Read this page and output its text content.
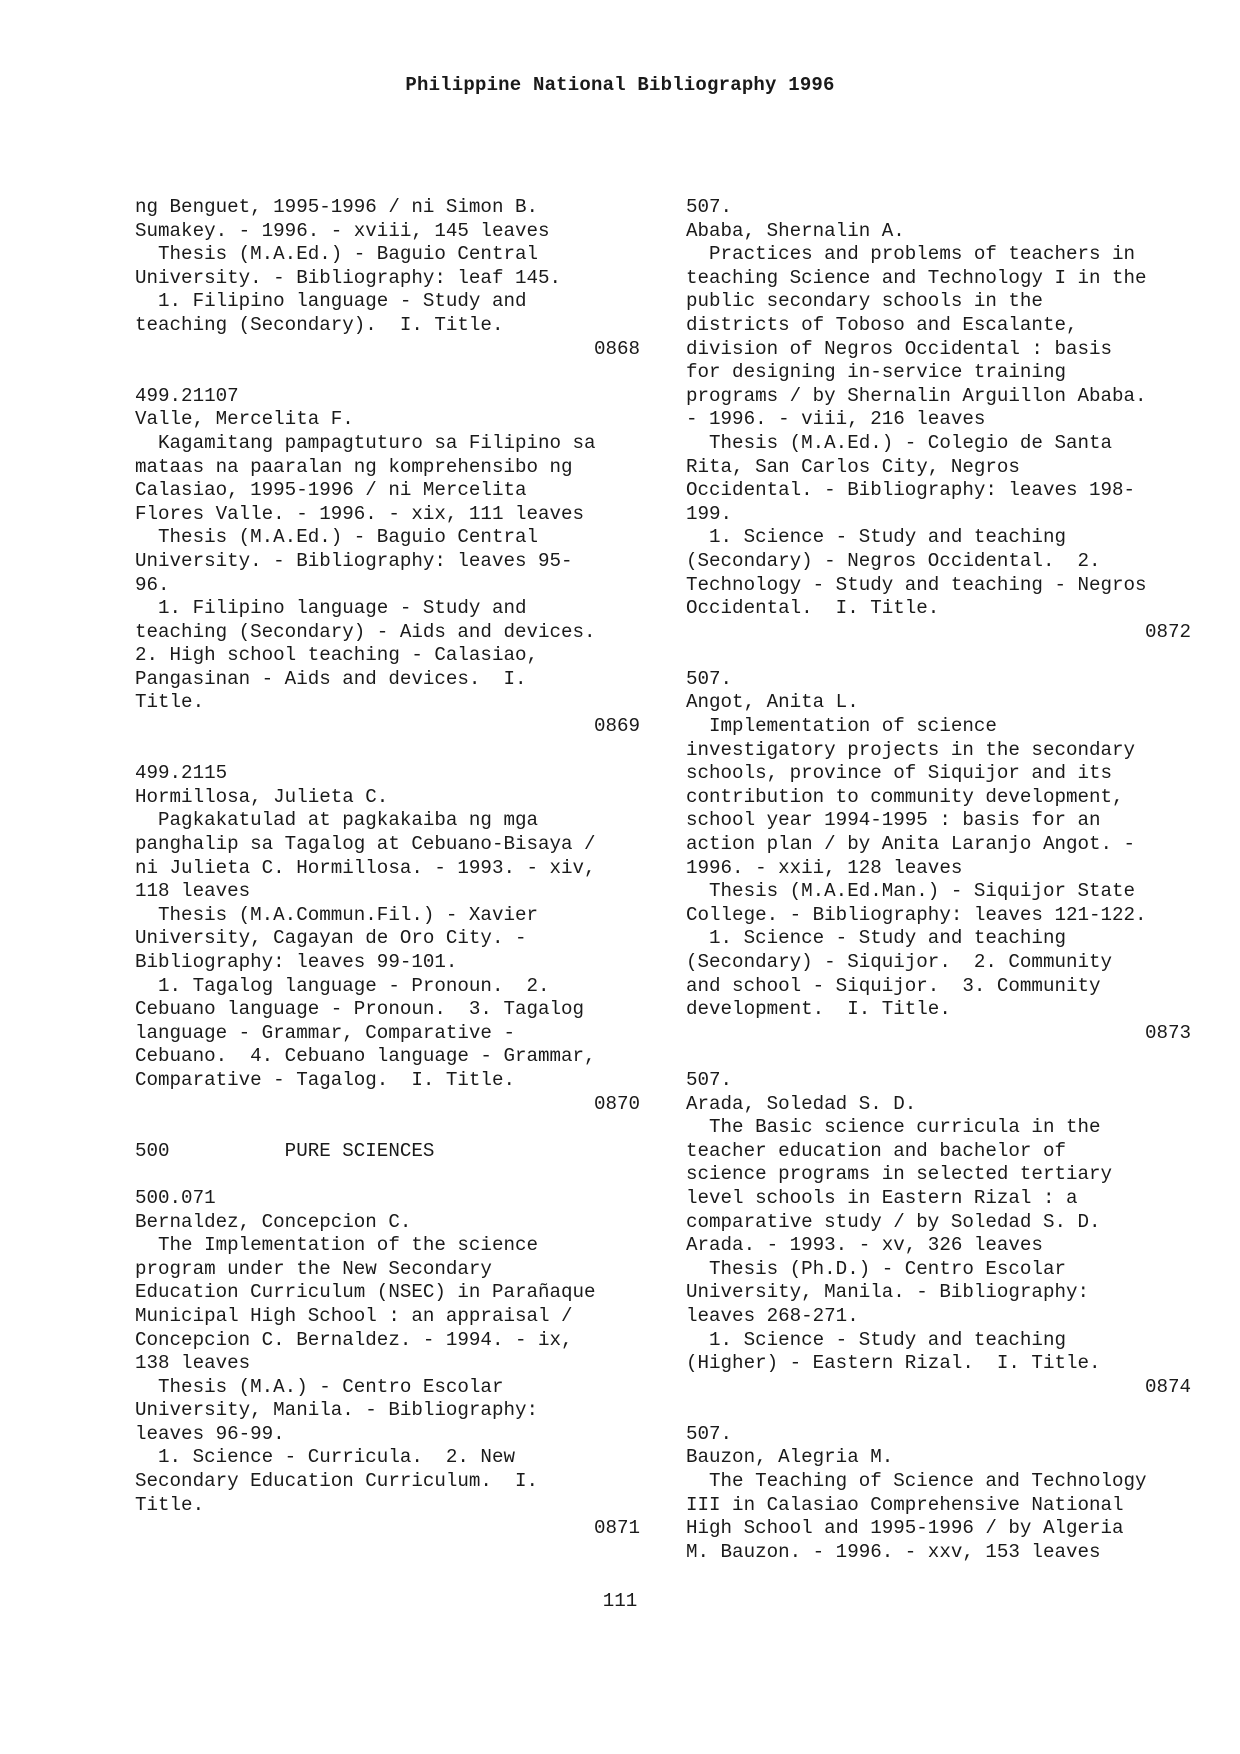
Philippine National Bibliography 1996
ng Benguet, 1995-1996 / ni Simon B.
Sumakey. - 1996. - xviii, 145 leaves
Thesis (M.A.Ed.) - Baguio Central
University. - Bibliography: leaf 145.
1. Filipino language - Study and
teaching (Secondary).  I. Title.
0868
499.21107
Valle, Mercelita F.
Kagamitang pampagtuturo sa Filipino sa
mataas na paaralan ng komprehensibo ng
Calasiao, 1995-1996 / ni Mercelita
Flores Valle. - 1996. - xix, 111 leaves
Thesis (M.A.Ed.) - Baguio Central
University. - Bibliography: leaves 95-
96.
1. Filipino language - Study and
teaching (Secondary) - Aids and devices.
2. High school teaching - Calasiao,
Pangasinan - Aids and devices.  I.
Title.
0869
499.2115
Hormillosa, Julieta C.
Pagkakatulad at pagkakaiba ng mga
panghalip sa Tagalog at Cebuano-Bisaya /
ni Julieta C. Hormillosa. - 1993. - xiv,
118 leaves
Thesis (M.A.Commun.Fil.) - Xavier
University, Cagayan de Oro City. -
Bibliography: leaves 99-101.
1. Tagalog language - Pronoun.  2.
Cebuano language - Pronoun.  3. Tagalog
language - Grammar, Comparative -
Cebuano.  4. Cebuano language - Grammar,
Comparative - Tagalog.  I. Title.
0870
500          PURE SCIENCES
500.071
Bernaldez, Concepcion C.
The Implementation of the science
program under the New Secondary
Education Curriculum (NSEC) in Parañaque
Municipal High School : an appraisal /
Concepcion C. Bernaldez. - 1994. - ix,
138 leaves
Thesis (M.A.) - Centro Escolar
University, Manila. - Bibliography:
leaves 96-99.
1. Science - Curricula.  2. New
Secondary Education Curriculum.  I.
Title.
0871
507.
Ababa, Shernalin A.
Practices and problems of teachers in
teaching Science and Technology I in the
public secondary schools in the
districts of Toboso and Escalante,
division of Negros Occidental : basis
for designing in-service training
programs / by Shernalin Arguillon Ababa.
- 1996. - viii, 216 leaves
Thesis (M.A.Ed.) - Colegio de Santa
Rita, San Carlos City, Negros
Occidental. - Bibliography: leaves 198-
199.
1. Science - Study and teaching
(Secondary) - Negros Occidental.  2.
Technology - Study and teaching - Negros
Occidental.  I. Title.
0872
507.
Angot, Anita L.
Implementation of science
investigatory projects in the secondary
schools, province of Siquijor and its
contribution to community development,
school year 1994-1995 : basis for an
action plan / by Anita Laranjo Angot. -
1996. - xxii, 128 leaves
Thesis (M.A.Ed.Man.) - Siquijor State
College. - Bibliography: leaves 121-122.
1. Science - Study and teaching
(Secondary) - Siquijor.  2. Community
and school - Siquijor.  3. Community
development.  I. Title.
0873
507.
Arada, Soledad S. D.
The Basic science curricula in the
teacher education and bachelor of
science programs in selected tertiary
level schools in Eastern Rizal : a
comparative study / by Soledad S. D.
Arada. - 1993. - xv, 326 leaves
Thesis (Ph.D.) - Centro Escolar
University, Manila. - Bibliography:
leaves 268-271.
1. Science - Study and teaching
(Higher) - Eastern Rizal.  I. Title.
0874
507.
Bauzon, Alegria M.
The Teaching of Science and Technology
III in Calasiao Comprehensive National
High School and 1995-1996 / by Algeria
M. Bauzon. - 1996. - xxv, 153 leaves
111
